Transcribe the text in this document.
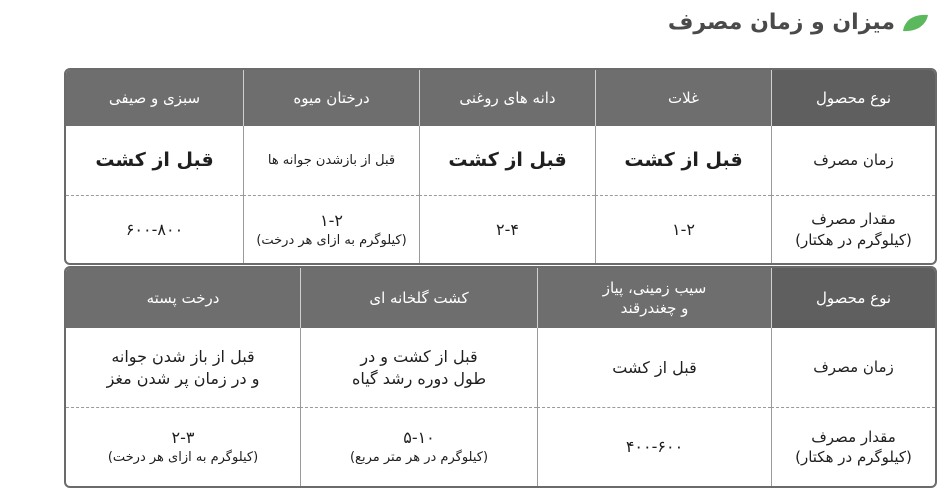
میزان و زمان مصرف
نوع محصول
غلات
دانه های روغنی
درختان میوه
سبزی و صیفی
زمان مصرف
قبل از کشت
قبل از کشت
قبل از بازشدن جوانه ها
قبل از کشت
مقدار مصرف
(کیلوگرم در هکتار)
۱-۲
۲-۴
۱-۲
(کیلوگرم به ازای هر درخت)
۶۰۰-۸۰۰
نوع محصول
سیب زمینی، پیاز
و چغندرقند
کشت گلخانه ای
درخت پسته
زمان مصرف
قبل از کشت
قبل از کشت و در
طول دوره رشد گیاه
قبل از باز شدن جوانه
و در زمان پر شدن مغز
مقدار مصرف
(کیلوگرم در هکتار)
۴۰۰-۶۰۰
۵-۱۰
(کیلوگرم در هر متر مربع)
۲-۳
(کیلوگرم به ازای هر درخت)
